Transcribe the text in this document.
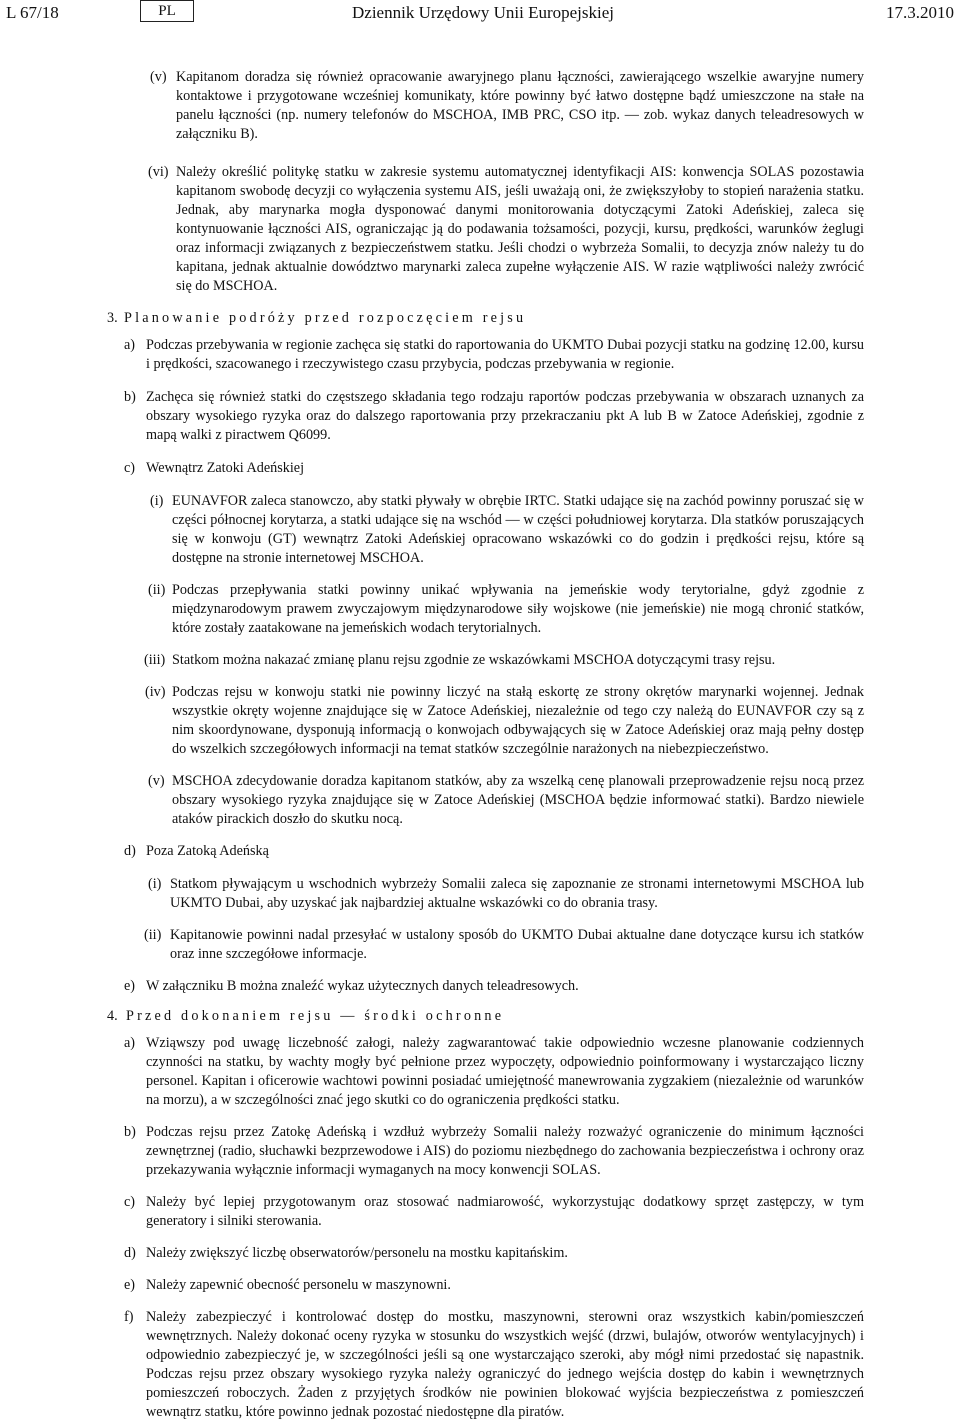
L 67/18	PL	Dziennik Urzędowy Unii Europejskiej	17.3.2010
(v) Kapitanom doradza się również opracowanie awaryjnego planu łączności, zawierającego wszelkie awaryjne numery kontaktowe i przygotowane wcześniej komunikaty, które powinny być łatwo dostępne bądź umieszczone na stałe na panelu łączności (np. numery telefonów do MSCHOA, IMB PRC, CSO itp. — zob. wykaz danych teleadresowych w załączniku B).
(vi) Należy określić politykę statku w zakresie systemu automatycznej identyfikacji AIS: konwencja SOLAS pozostawia kapitanom swobodę decyzji co wyłączenia systemu AIS, jeśli uważają oni, że zwiększyłoby to stopień narażenia statku. Jednak, aby marynarka mogła dysponować danymi monitorowania dotyczącymi Zatoki Adeńskiej, zaleca się kontynuowanie łączności AIS, ograniczając ją do podawania tożsamości, pozycji, kursu, prędkości, warunków żeglugi oraz informacji związanych z bezpieczeństwem statku. Jeśli chodzi o wybrzeża Somalii, to decyzja znów należy tu do kapitana, jednak aktualnie dowództwo marynarki zaleca zupełne wyłączenie AIS. W razie wątpliwości należy zwrócić się do MSCHOA.
3. Planowanie podróży przed rozpoczęciem rejsu
a) Podczas przebywania w regionie zachęca się statki do raportowania do UKMTO Dubai pozycji statku na godzinę 12.00, kursu i prędkości, szacowanego i rzeczywistego czasu przybycia, podczas przebywania w regionie.
b) Zachęca się również statki do częstszego składania tego rodzaju raportów podczas przebywania w obszarach uznanych za obszary wysokiego ryzyka oraz do dalszego raportowania przy przekraczaniu pkt A lub B w Zatoce Adeńskiej, zgodnie z mapą walki z piractwem Q6099.
c) Wewnątrz Zatoki Adeńskiej
(i) EUNAVFOR zaleca stanowczo, aby statki pływały w obrębie IRTC. Statki udające się na zachód powinny poruszać się w części północnej korytarza, a statki udające się na wschód — w części południowej korytarza. Dla statków poruszających się w konwoju (GT) wewnątrz Zatoki Adeńskiej opracowano wskazówki co do godzin i prędkości rejsu, które są dostępne na stronie internetowej MSCHOA.
(ii) Podczas przepływania statki powinny unikać wpływania na jemeńskie wody terytorialne, gdyż zgodnie z międzynarodowym prawem zwyczajowym międzynarodowe siły wojskowe (nie jemeńskie) nie mogą chronić statków, które zostały zaatakowane na jemeńskich wodach terytorialnych.
(iii) Statkom można nakazać zmianę planu rejsu zgodnie ze wskazówkami MSCHOA dotyczącymi trasy rejsu.
(iv) Podczas rejsu w konwoju statki nie powinny liczyć na stałą eskortę ze strony okrętów marynarki wojennej. Jednak wszystkie okręty wojenne znajdujące się w Zatoce Adeńskiej, niezależnie od tego czy należą do EUNAVFOR czy są z nim skoordynowane, dysponują informacją o konwojach odbywających się w Zatoce Adeńskiej oraz mają pełny dostęp do wszelkich szczegółowych informacji na temat statków szczególnie narażonych na niebezpieczeństwo.
(v) MSCHOA zdecydowanie doradza kapitanom statków, aby za wszelką cenę planowali przeprowadzenie rejsu nocą przez obszary wysokiego ryzyka znajdujące się w Zatoce Adeńskiej (MSCHOA będzie informować statki). Bardzo niewiele ataków pirackich doszło do skutku nocą.
d) Poza Zatoką Adeńską
(i) Statkom pływającym u wschodnich wybrzeży Somalii zaleca się zapoznanie ze stronami internetowymi MSCHOA lub UKMTO Dubai, aby uzyskać jak najbardziej aktualne wskazówki co do obrania trasy.
(ii) Kapitanowie powinni nadal przesyłać w ustalony sposób do UKMTO Dubai aktualne dane dotyczące kursu ich statków oraz inne szczegółowe informacje.
e) W załączniku B można znaleźć wykaz użytecznych danych teleadresowych.
4. Przed dokonaniem rejsu — środki ochronne
a) Wziąwszy pod uwagę liczebność załogi, należy zagwarantować takie odpowiednio wczesne planowanie codziennych czynności na statku, by wachty mogły być pełnione przez wypoczęty, odpowiednio poinformowany i wystarczająco liczny personel. Kapitan i oficerowie wachtowi powinni posiadać umiejętność manewrowania zygzakiem (niezależnie od warunków na morzu), a w szczególności znać jego skutki co do ograniczenia prędkości statku.
b) Podczas rejsu przez Zatokę Adeńską i wzdłuż wybrzeży Somalii należy rozważyć ograniczenie do minimum łączności zewnętrznej (radio, słuchawki bezprzewodowe i AIS) do poziomu niezbędnego do zachowania bezpieczeństwa i ochrony oraz przekazywania wyłącznie informacji wymaganych na mocy konwencji SOLAS.
c) Należy być lepiej przygotowanym oraz stosować nadmiarowość, wykorzystując dodatkowy sprzęt zastępczy, w tym generatory i silniki sterowania.
d) Należy zwiększyć liczbę obserwatorów/personelu na mostku kapitańskim.
e) Należy zapewnić obecność personelu w maszynowni.
f) Należy zabezpieczyć i kontrolować dostęp do mostku, maszynowni, sterowni oraz wszystkich kabin/pomieszczeń wewnętrznych. Należy dokonać oceny ryzyka w stosunku do wszystkich wejść (drzwi, bulajów, otworów wentylacyjnych) i odpowiednio zabezpieczyć je, w szczególności jeśli są one wystarczająco szeroki, aby mógł nimi przedostać się napastnik. Podczas rejsu przez obszary wysokiego ryzyka należy ograniczyć do jednego wejścia dostęp do kabin i wewnętrznych pomieszczeń roboczych. Żaden z przyjętych środków nie powinien blokować wyjścia bezpieczeństwa z pomieszczeń wewnątrz statku, które powinno jednak pozostać niedostępne dla piratów.
